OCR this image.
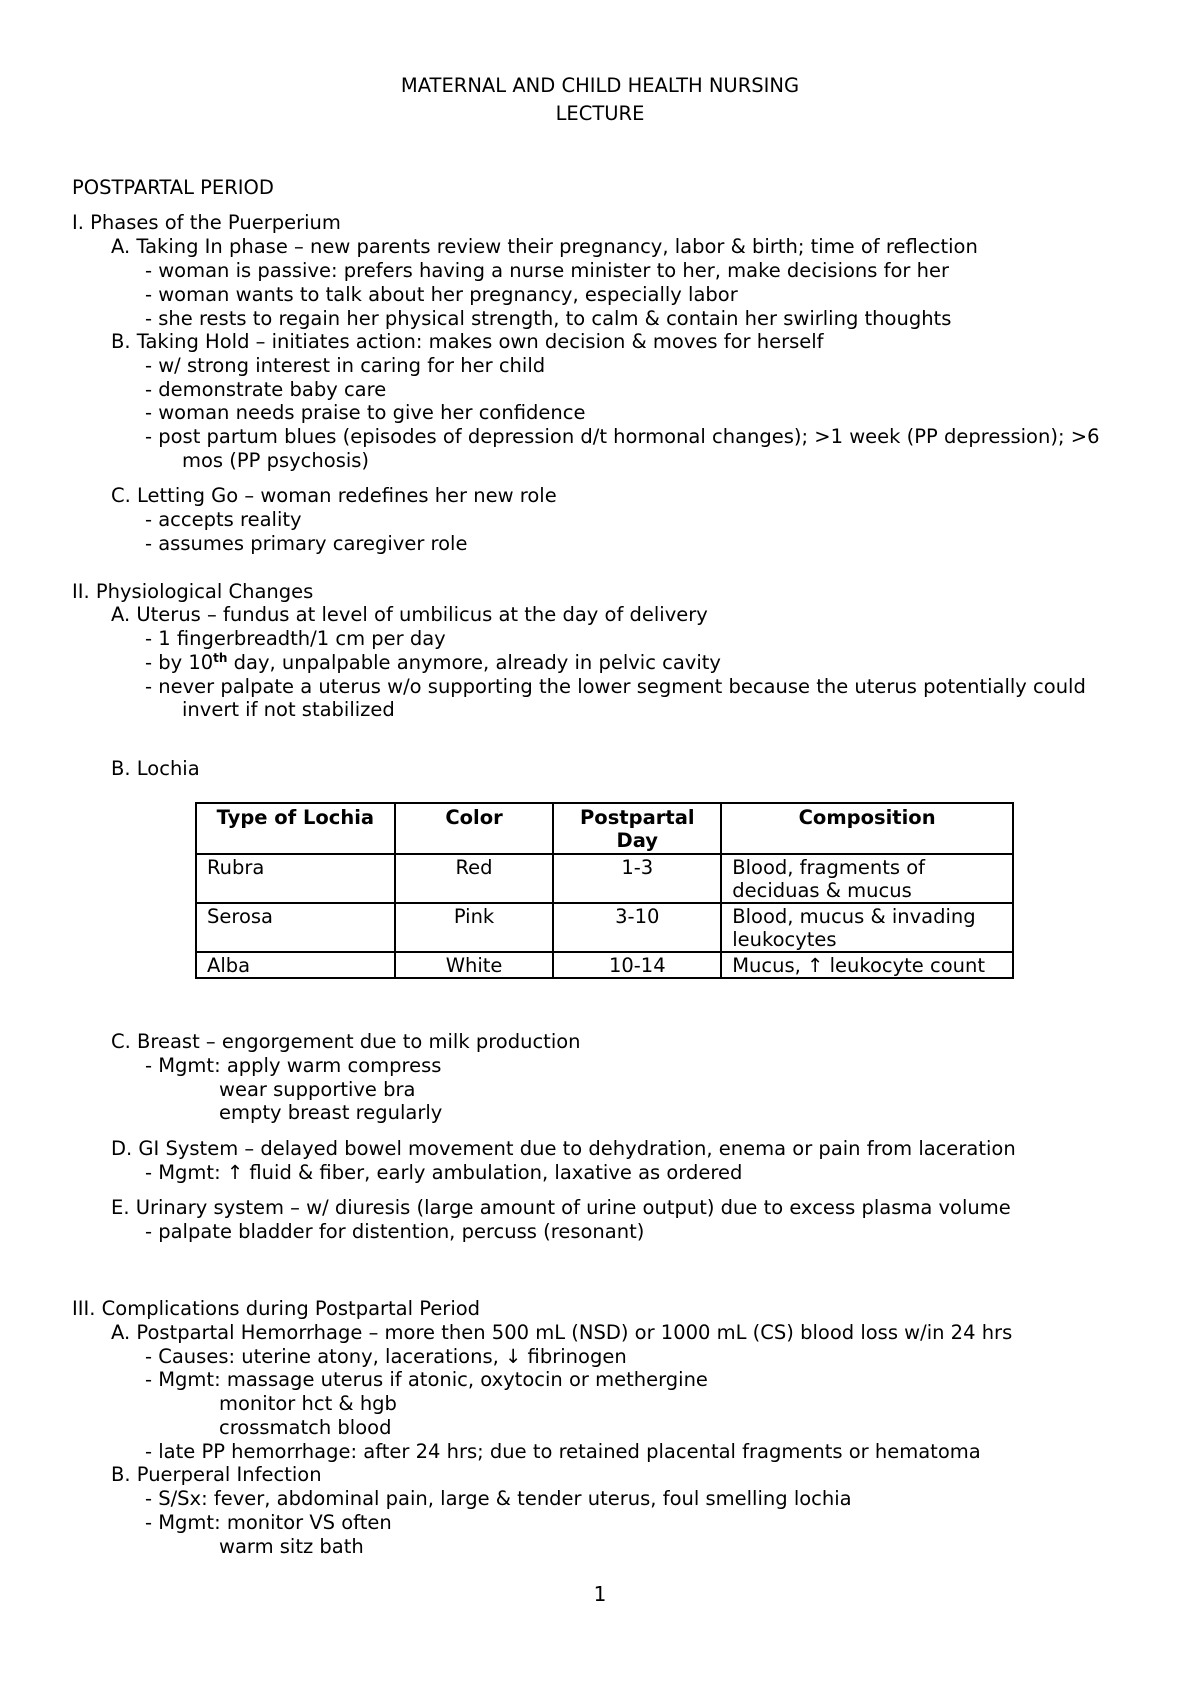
MATERNAL AND CHILD HEALTH NURSING
LECTURE
POSTPARTAL PERIOD
I. Phases of the Puerperium
A. Taking In phase – new parents review their pregnancy, labor & birth; time of reflection
- woman is passive: prefers having a nurse minister to her, make decisions for her
- woman wants to talk about her pregnancy, especially labor
- she rests to regain her physical strength, to calm & contain her swirling thoughts
B. Taking Hold – initiates action: makes own decision & moves for herself
- w/ strong interest in caring for her child
- demonstrate baby care
- woman needs praise to give her confidence
- post partum blues (episodes of depression d/t hormonal changes); >1 week (PP depression); >6
mos (PP psychosis)
C. Letting Go – woman redefines her new role
- accepts reality
- assumes primary caregiver role
II. Physiological Changes
A. Uterus – fundus at level of umbilicus at the day of delivery
- 1 fingerbreadth/1 cm per day
- by 10th day, unpalpable anymore, already in pelvic cavity
- never palpate a uterus w/o supporting the lower segment because the uterus potentially could
invert if not stabilized
B. Lochia
Type of Lochia	Color	Postpartal Day	Composition
Rubra	Red	1-3	Blood, fragments of deciduas & mucus
Serosa	Pink	3-10	Blood, mucus & invading leukocytes
Alba	White	10-14	Mucus, ↑ leukocyte count
C. Breast – engorgement due to milk production
- Mgmt: apply warm compress
wear supportive bra
empty breast regularly
D. GI System – delayed bowel movement due to dehydration, enema or pain from laceration
- Mgmt: ↑ fluid & fiber, early ambulation, laxative as ordered
E. Urinary system – w/ diuresis (large amount of urine output) due to excess plasma volume
- palpate bladder for distention, percuss (resonant)
III. Complications during Postpartal Period
A. Postpartal Hemorrhage – more then 500 mL (NSD) or 1000 mL (CS) blood loss w/in 24 hrs
- Causes: uterine atony, lacerations, ↓ fibrinogen
- Mgmt: massage uterus if atonic, oxytocin or methergine
monitor hct & hgb
crossmatch blood
- late PP hemorrhage: after 24 hrs; due to retained placental fragments or hematoma
B. Puerperal Infection
- S/Sx: fever, abdominal pain, large & tender uterus, foul smelling lochia
- Mgmt: monitor VS often
warm sitz bath
1
